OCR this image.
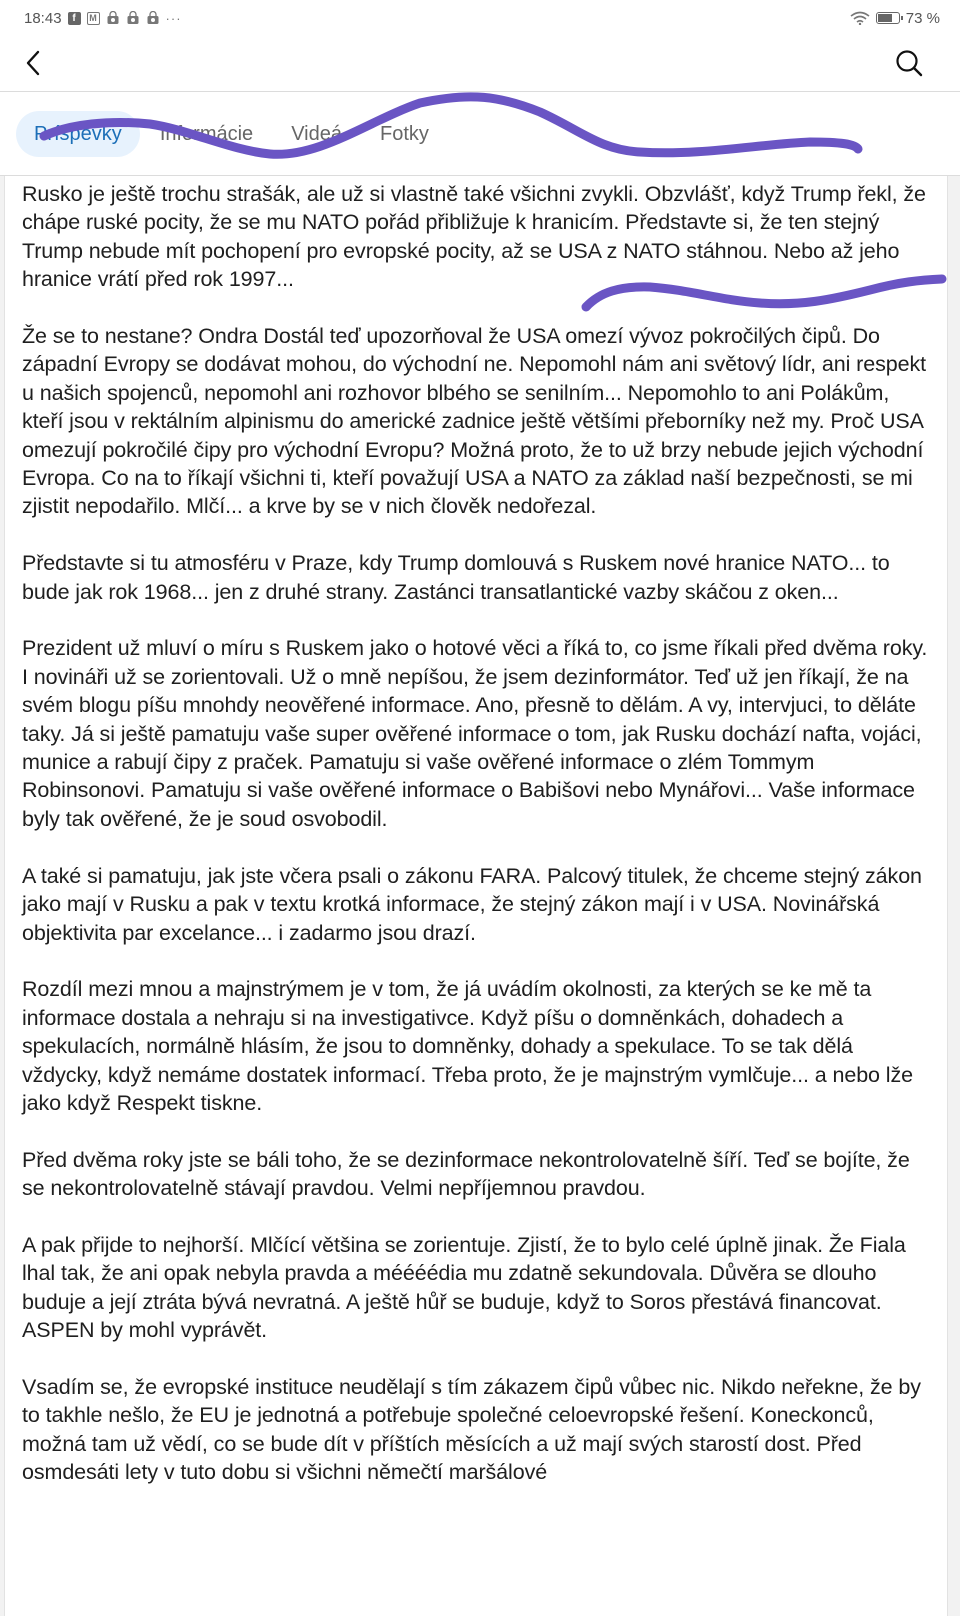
18:43	f	M	···	73 %
Príspevky	Informácie	Videá	Fotky

Rusko je ještě trochu strašák, ale už si vlastně také všichni zvykli. Obzvlášť, když Trump řekl, že chápe ruské pocity, že se mu NATO pořád přibližuje k hranicím. Představte si, že ten stejný Trump nebude mít pochopení pro evropské pocity, až se USA z NATO stáhnou. Nebo až jeho hranice vrátí před rok 1997...

Že se to nestane? Ondra Dostál teď upozorňoval že USA omezí vývoz pokročilých čipů. Do západní Evropy se dodávat mohou, do východní ne. Nepomohl nám ani světový lídr, ani respekt u našich spojenců, nepomohl ani rozhovor blbého se senilním... Nepomohlo to ani Polákům, kteří jsou v rektálním alpinismu do americké zadnice ještě většími přeborníky než my. Proč USA omezují pokročilé čipy pro východní Evropu? Možná proto, že to už brzy nebude jejich východní Evropa. Co na to říkají všichni ti, kteří považují USA a NATO za základ naší bezpečnosti, se mi zjistit nepodařilo. Mlčí... a krve by se v nich člověk nedořezal.

Představte si tu atmosféru v Praze, kdy Trump domlouvá s Ruskem nové hranice NATO... to bude jak rok 1968... jen z druhé strany. Zastánci transatlantické vazby skáčou z oken...

Prezident už mluví o míru s Ruskem jako o hotové věci a říká to, co jsme říkali před dvěma roky. I novináři už se zorientovali. Už o mně nepíšou, že jsem dezinformátor. Teď už jen říkají, že na svém blogu píšu mnohdy neověřené informace. Ano, přesně to dělám. A vy, intervjuci, to děláte taky. Já si ještě pamatuju vaše super ověřené informace o tom, jak Rusku dochází nafta, vojáci, munice a rabují čipy z praček. Pamatuju si vaše ověřené informace o zlém Tommym Robinsonovi. Pamatuju si vaše ověřené informace o Babišovi nebo Mynářovi... Vaše informace byly tak ověřené, že je soud osvobodil.

A také si pamatuju, jak jste včera psali o zákonu FARA. Palcový titulek, že chceme stejný zákon jako mají v Rusku a pak v textu krotká informace, že stejný zákon mají i v USA. Novinářská objektivita par excelance... i zadarmo jsou drazí.

Rozdíl mezi mnou a majnstrýmem je v tom, že já uvádím okolnosti, za kterých se ke mě ta informace dostala a nehraju si na investigativce. Když píšu o domněnkách, dohadech a spekulacích, normálně hlásím, že jsou to domněnky, dohady a spekulace. To se tak dělá vždycky, když nemáme dostatek informací. Třeba proto, že je majnstrým vymlčuje... a nebo lže jako když Respekt tiskne.

Před dvěma roky jste se báli toho, že se dezinformace nekontrolovatelně šíří. Teď se bojíte, že se nekontrolovatelně stávají pravdou. Velmi nepříjemnou pravdou.

A pak přijde to nejhorší. Mlčící většina se zorientuje. Zjistí, že to bylo celé úplně jinak. Že Fiala lhal tak, že ani opak nebyla pravda a méééédia mu zdatně sekundovala. Důvěra se dlouho buduje a její ztráta bývá nevratná. A ještě hůř se buduje, když to Soros přestává financovat. ASPEN by mohl vyprávět.

Vsadím se, že evropské instituce neudělají s tím zákazem čipů vůbec nic. Nikdo neřekne, že by to takhle nešlo, že EU je jednotná a potřebuje společné celoevropské řešení. Koneckonců, možná tam už vědí, co se bude dít v příštích měsících a už mají svých starostí dost. Před osmdesáti lety v tuto dobu si všichni němečtí maršálové
